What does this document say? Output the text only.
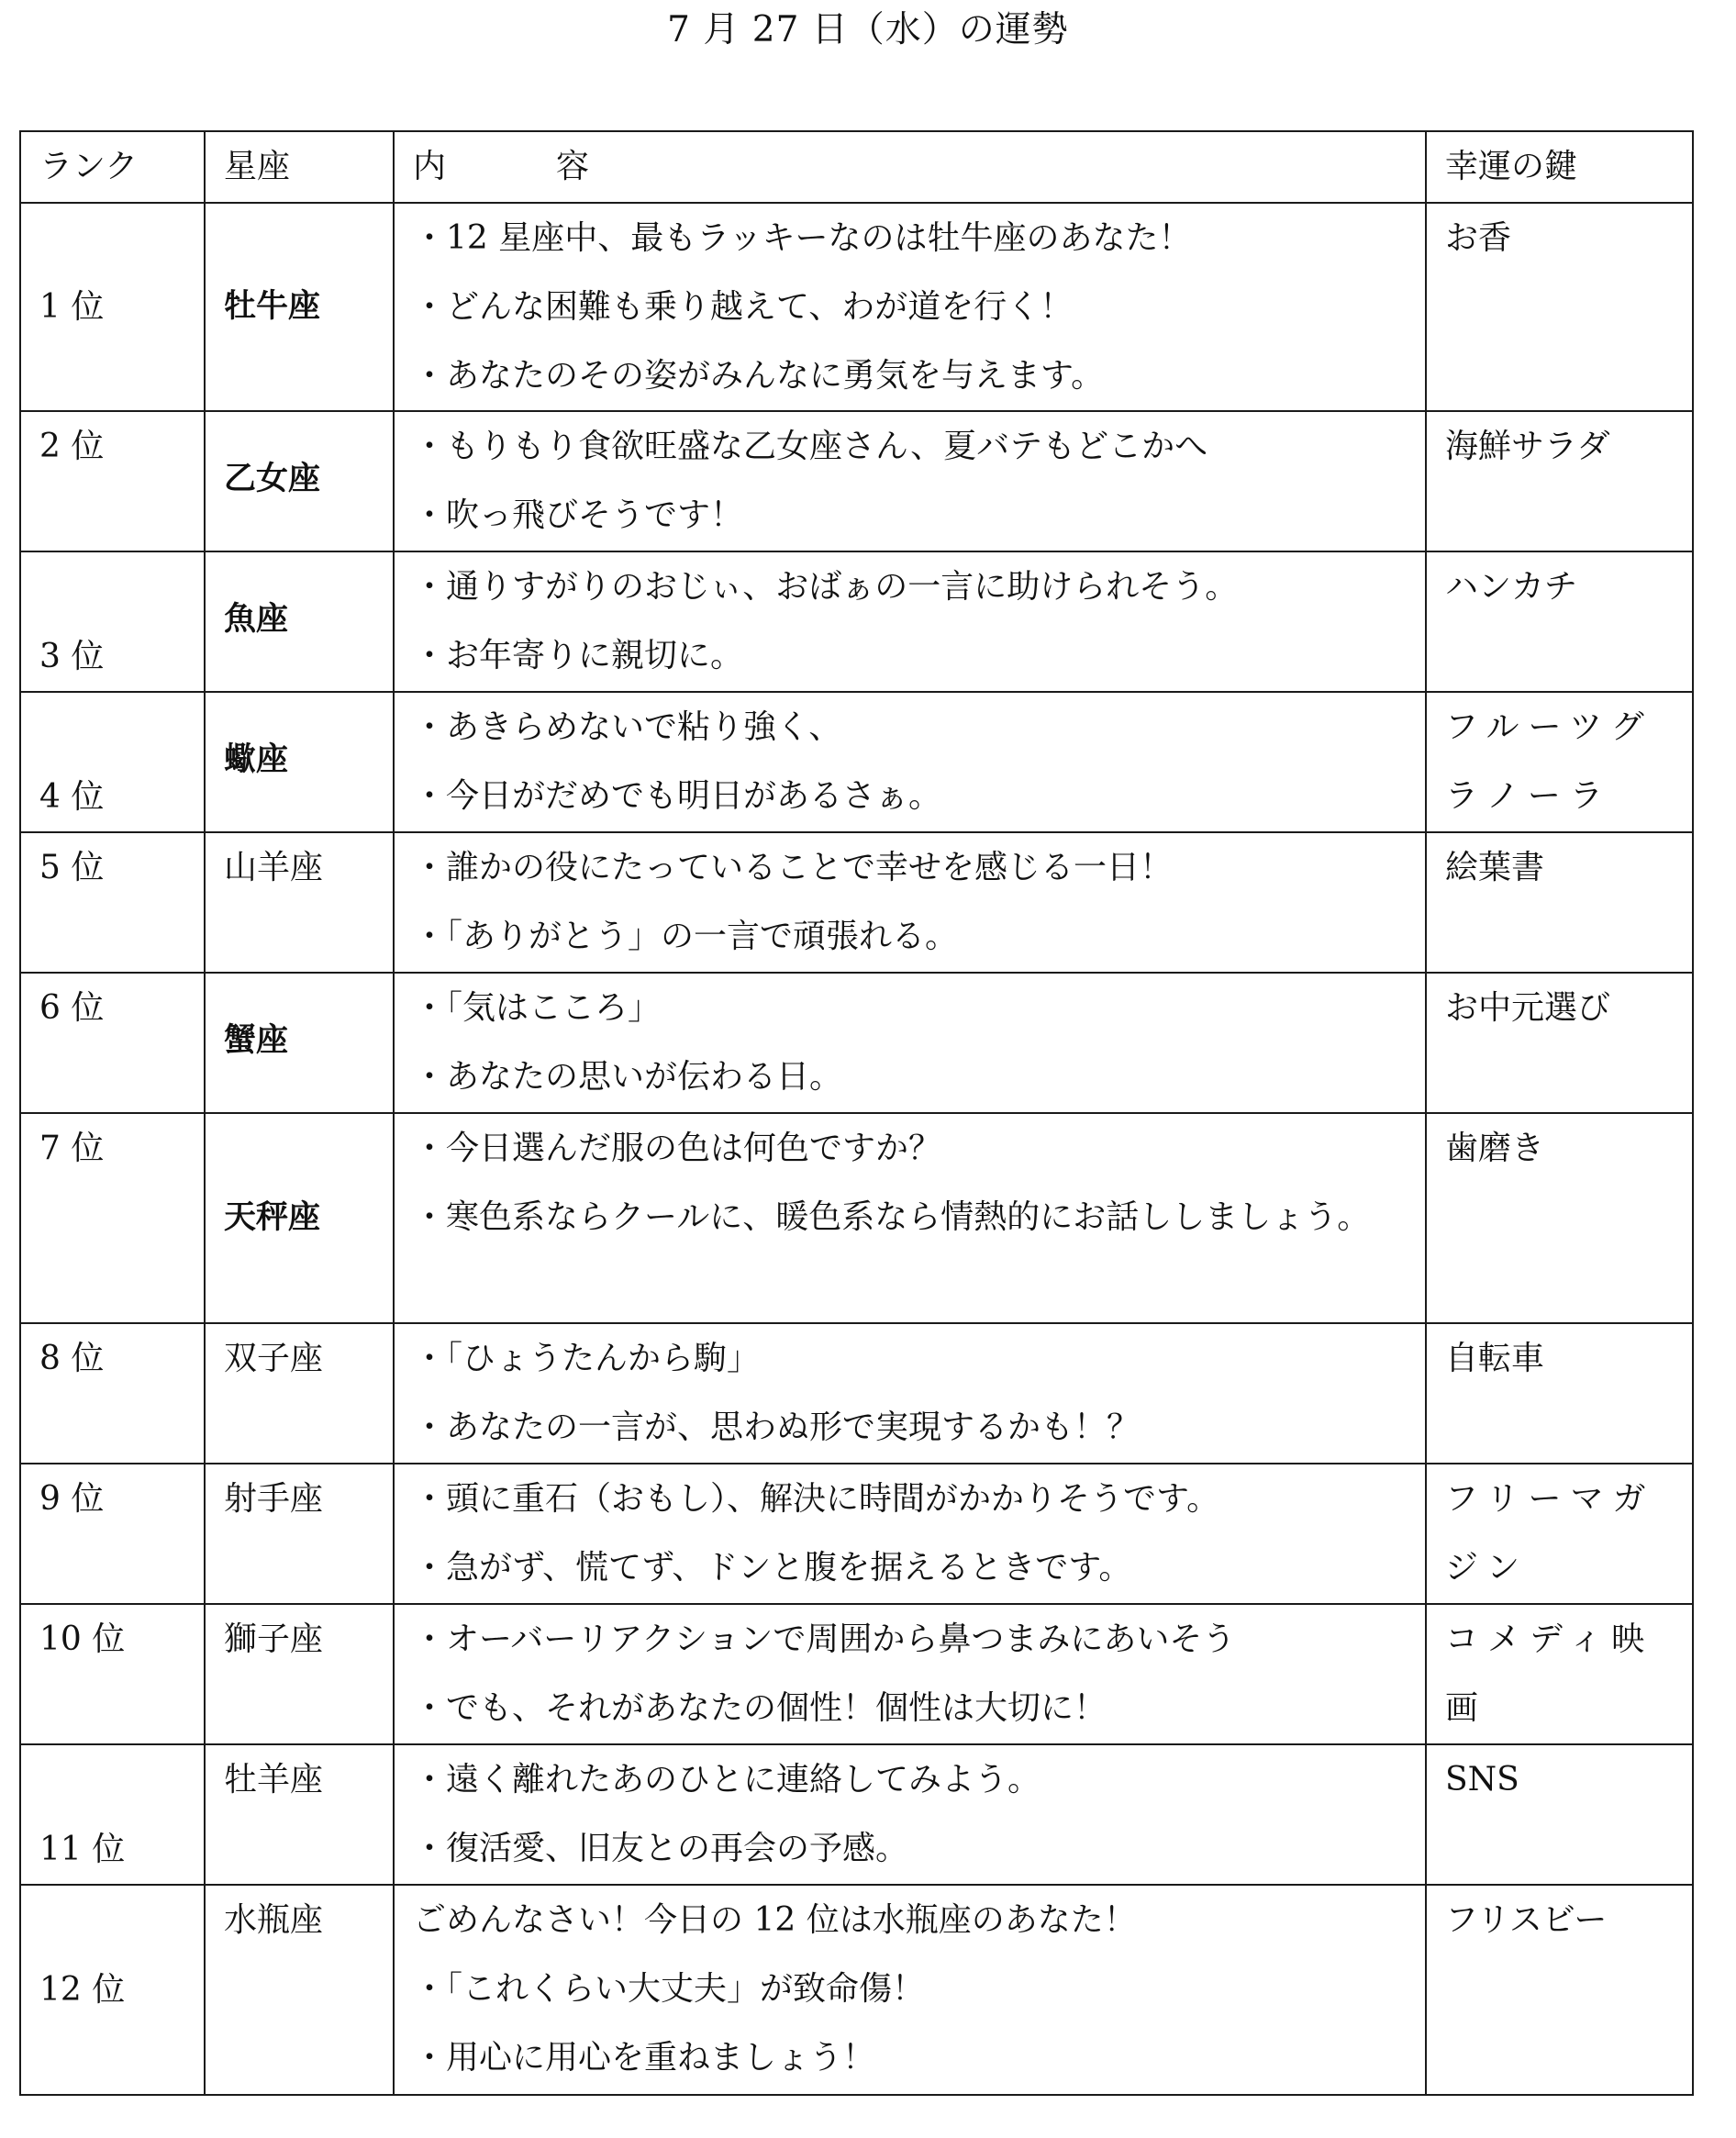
7 月 27 日（水）の運勢
ランク	星座	内 容	幸運の鍵
1 位	牡牛座	・12 星座中、最もラッキーなのは牡牛座のあなた！
・どんな困難も乗り越えて、わが道を行く！
・あなたのその姿がみんなに勇気を与えます。	お香
2 位	乙女座	・もりもり食欲旺盛な乙女座さん、夏バテもどこかへ
・吹っ飛びそうです！	海鮮サラダ
3 位	魚座	・通りすがりのおじぃ、おばぁの一言に助けられそう。
・お年寄りに親切に。	ハンカチ
4 位	蠍座	・あきらめないで粘り強く、
・今日がだめでも明日があるさぁ。	フルーツグラノーラ
5 位	山羊座	・誰かの役にたっていることで幸せを感じる一日！
・「ありがとう」の一言で頑張れる。	絵葉書
6 位	蟹座	・「気はこころ」
・あなたの思いが伝わる日。	お中元選び
7 位	天秤座	・今日選んだ服の色は何色ですか？
・寒色系ならクールに、暖色系なら情熱的にお話ししましょう。	歯磨き
8 位	双子座	・「ひょうたんから駒」
・あなたの一言が、思わぬ形で実現するかも！？	自転車
9 位	射手座	・頭に重石（おもし）、解決に時間がかかりそうです。
・急がず、慌てず、ドンと腹を据えるときです。	フリーマガジン
10 位	獅子座	・オーバーリアクションで周囲から鼻つまみにあいそう
・でも、それがあなたの個性！個性は大切に！	コメディ映画
11 位	牡羊座	・遠く離れたあのひとに連絡してみよう。
・復活愛、旧友との再会の予感。	SNS
12 位	水瓶座	ごめんなさい！今日の 12 位は水瓶座のあなた！
・「これくらい大丈夫」が致命傷！
・用心に用心を重ねましょう！	フリスビー
